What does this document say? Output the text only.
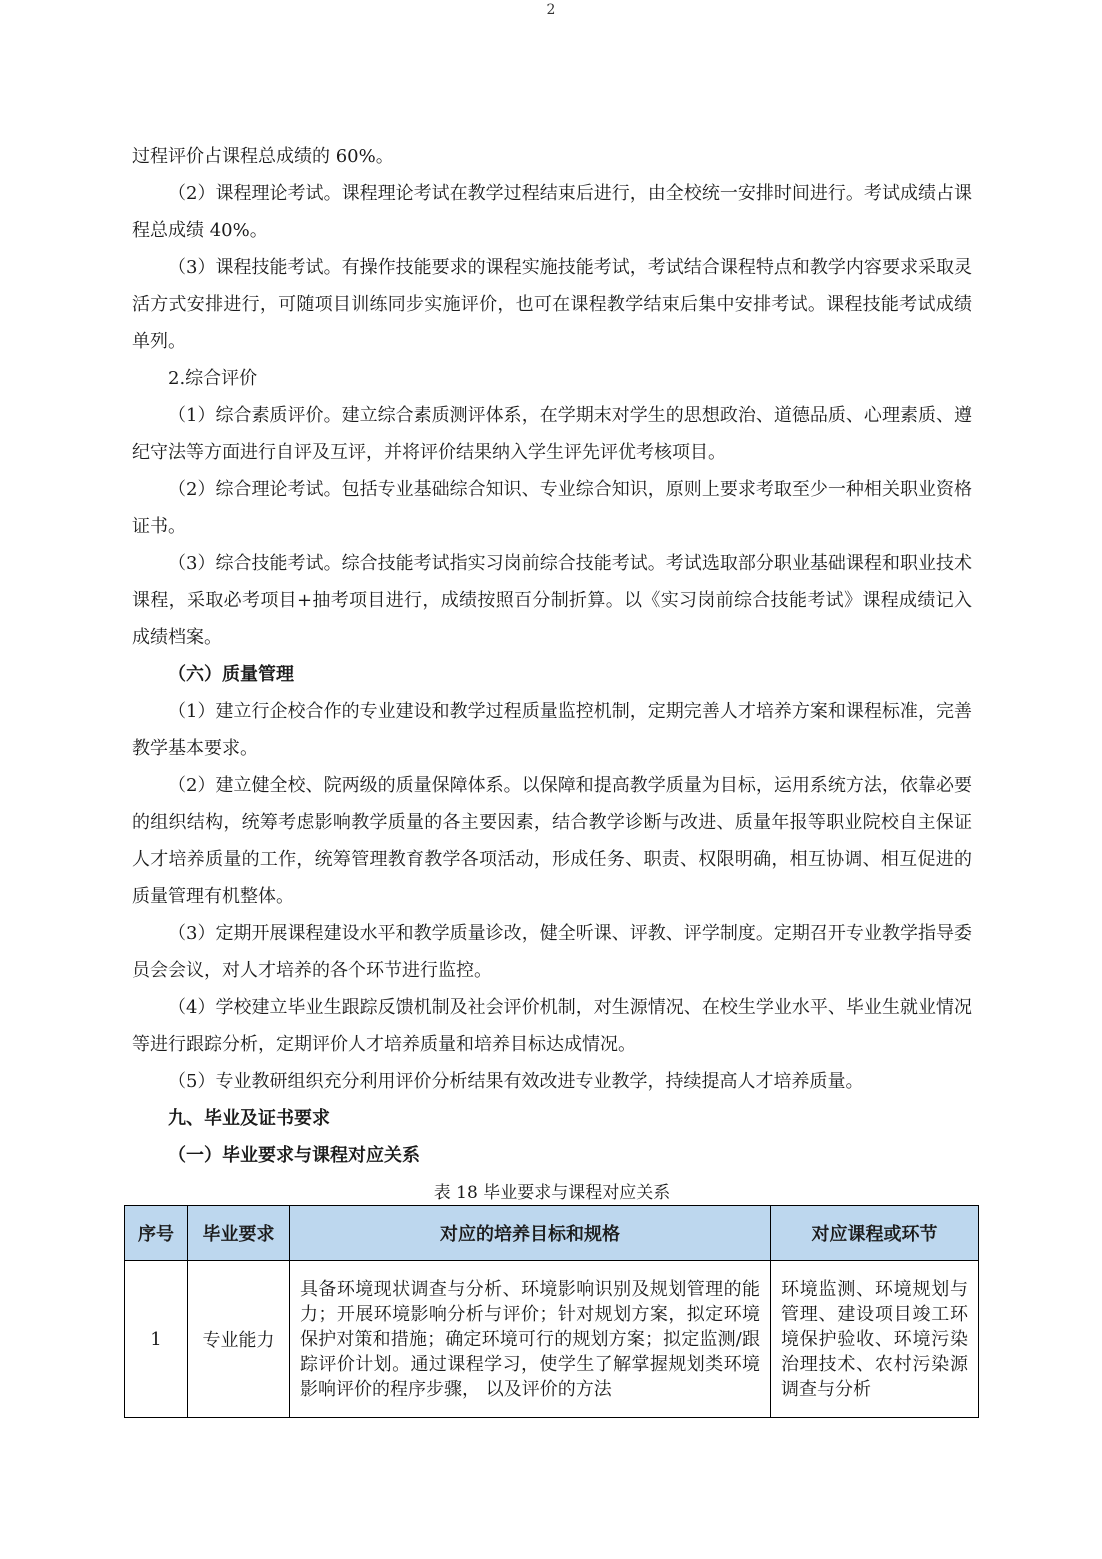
2

过程评价占课程总成绩的 60%。

（2）课程理论考试。课程理论考试在教学过程结束后进行，由全校统一安排时间进行。考试成绩占课程总成绩 40%。

（3）课程技能考试。有操作技能要求的课程实施技能考试，考试结合课程特点和教学内容要求采取灵活方式安排进行，可随项目训练同步实施评价，也可在课程教学结束后集中安排考试。课程技能考试成绩单列。

2.综合评价

（1）综合素质评价。建立综合素质测评体系，在学期末对学生的思想政治、道德品质、心理素质、遵纪守法等方面进行自评及互评，并将评价结果纳入学生评先评优考核项目。

（2）综合理论考试。包括专业基础综合知识、专业综合知识，原则上要求考取至少一种相关职业资格证书。

（3）综合技能考试。综合技能考试指实习岗前综合技能考试。考试选取部分职业基础课程和职业技术课程，采取必考项目+抽考项目进行，成绩按照百分制折算。以《实习岗前综合技能考试》课程成绩记入成绩档案。

（六）质量管理

（1）建立行企校合作的专业建设和教学过程质量监控机制，定期完善人才培养方案和课程标准，完善教学基本要求。

（2）建立健全校、院两级的质量保障体系。以保障和提高教学质量为目标，运用系统方法，依靠必要的组织结构，统筹考虑影响教学质量的各主要因素，结合教学诊断与改进、质量年报等职业院校自主保证人才培养质量的工作，统筹管理教育教学各项活动，形成任务、职责、权限明确，相互协调、相互促进的质量管理有机整体。

（3）定期开展课程建设水平和教学质量诊改，健全听课、评教、评学制度。定期召开专业教学指导委员会会议，对人才培养的各个环节进行监控。

（4）学校建立毕业生跟踪反馈机制及社会评价机制，对生源情况、在校生学业水平、毕业生就业情况等进行跟踪分析，定期评价人才培养质量和培养目标达成情况。

（5）专业教研组织充分利用评价分析结果有效改进专业教学，持续提高人才培养质量。

九、毕业及证书要求

（一）毕业要求与课程对应关系

表 18 毕业要求与课程对应关系

序号	毕业要求	对应的培养目标和规格	对应课程或环节
1	专业能力	具备环境现状调查与分析、环境影响识别及规划管理的能力；开展环境影响分析与评价；针对规划方案，拟定环境保护对策和措施；确定环境可行的规划方案；拟定监测/跟踪评价计划。通过课程学习，使学生了解掌握规划类环境影响评价的程序步骤， 以及评价的方法	环境监测、环境规划与管理、建设项目竣工环境保护验收、环境污染治理技术、农村污染源调查与分析
